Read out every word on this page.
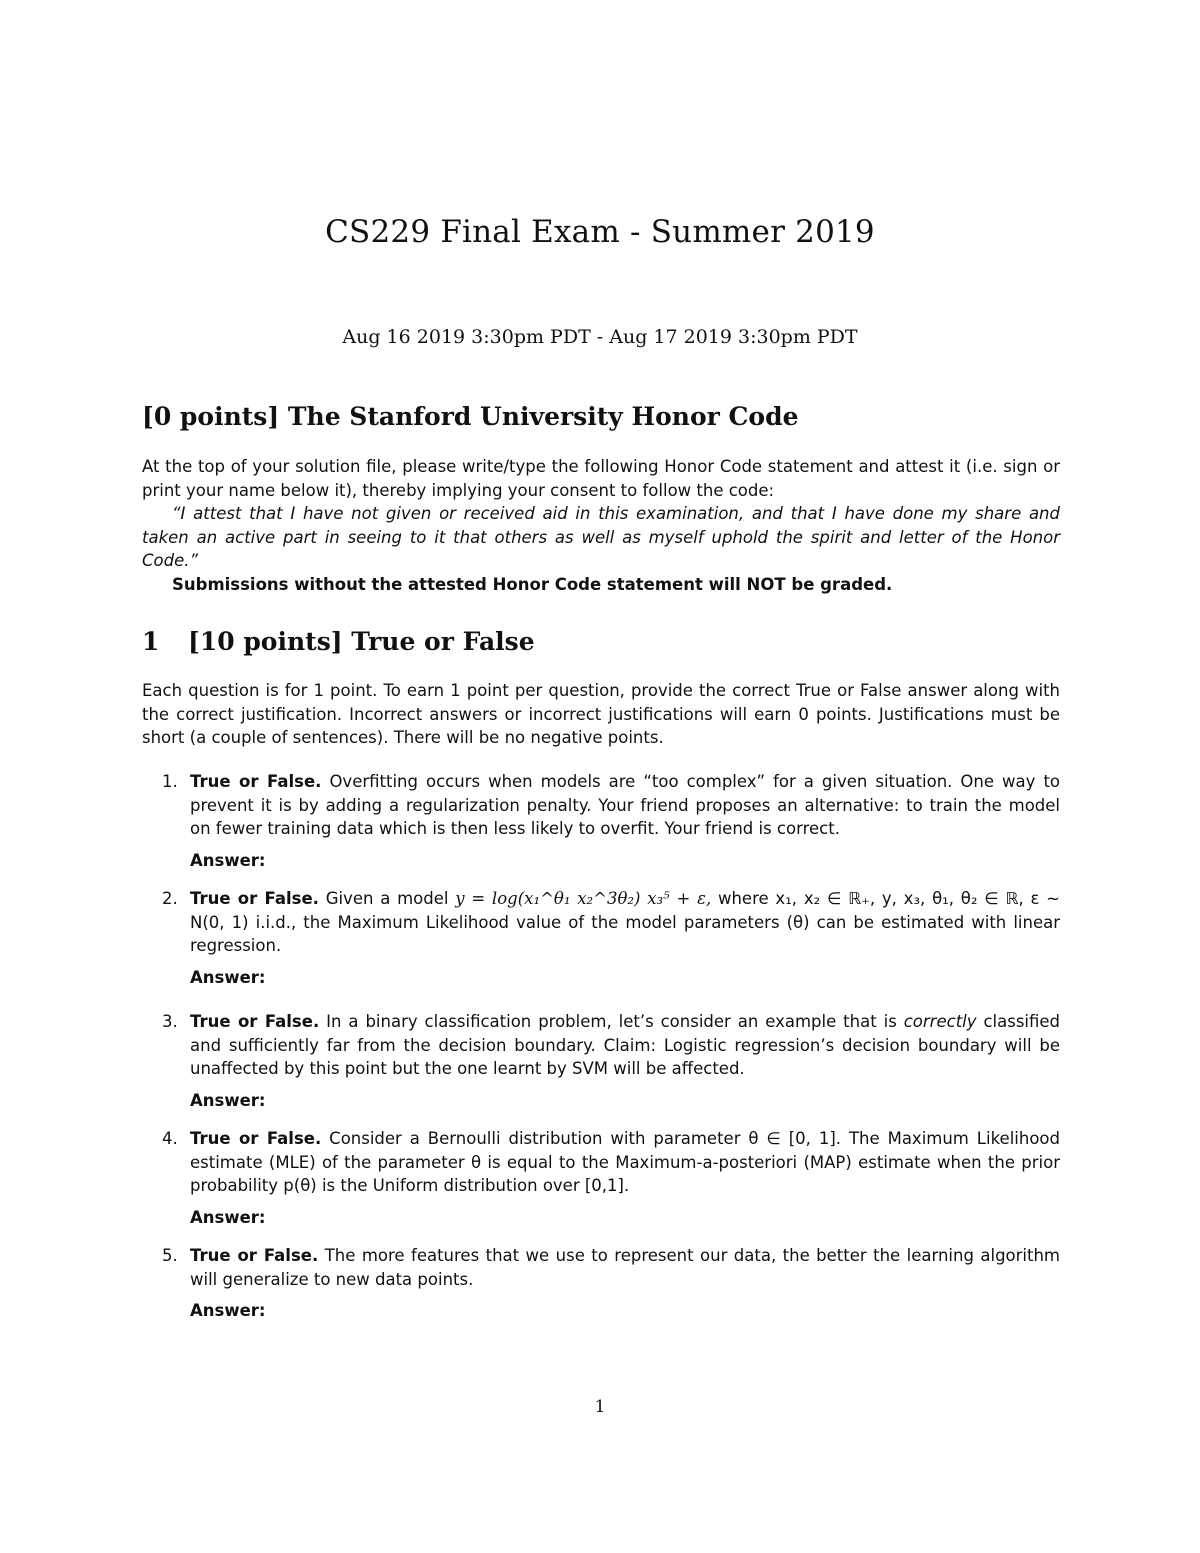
CS229 Final Exam - Summer 2019
Aug 16 2019 3:30pm PDT - Aug 17 2019 3:30pm PDT
[0 points] The Stanford University Honor Code

At the top of your solution file, please write/type the following Honor Code statement and attest it (i.e. sign or print your name below it), thereby implying your consent to follow the code:

“I attest that I have not given or received aid in this examination, and that I have done my share and taken an active part in seeing to it that others as well as myself uphold the spirit and letter of the Honor Code.”

Submissions without the attested Honor Code statement will NOT be graded.

1 [10 points] True or False

Each question is for 1 point. To earn 1 point per question, provide the correct True or False answer along with the correct justification. Incorrect answers or incorrect justifications will earn 0 points. Justifications must be short (a couple of sentences). There will be no negative points.

1. True or False. Overfitting occurs when models are “too complex” for a given situation. One way to prevent it is by adding a regularization penalty. Your friend proposes an alternative: to train the model on fewer training data which is then less likely to overfit. Your friend is correct.
Answer:
2. True or False. Given a model y = log(x₁^θ₁ x₂^3θ₂) x₃⁵ + ε, where x₁, x₂ ∈ ℝ₊, y, x₃, θ₁, θ₂ ∈ ℝ, ε ∼ N(0, 1) i.i.d., the Maximum Likelihood value of the model parameters (θ) can be estimated with linear regression.
Answer:
3. True or False. In a binary classification problem, let’s consider an example that is correctly classified and sufficiently far from the decision boundary. Claim: Logistic regression’s decision boundary will be unaffected by this point but the one learnt by SVM will be affected.
Answer:
4. True or False. Consider a Bernoulli distribution with parameter θ ∈ [0, 1]. The Maximum Likelihood estimate (MLE) of the parameter θ is equal to the Maximum-a-posteriori (MAP) estimate when the prior probability p(θ) is the Uniform distribution over [0,1].
Answer:
5. True or False. The more features that we use to represent our data, the better the learning algorithm will generalize to new data points.
Answer:
1
